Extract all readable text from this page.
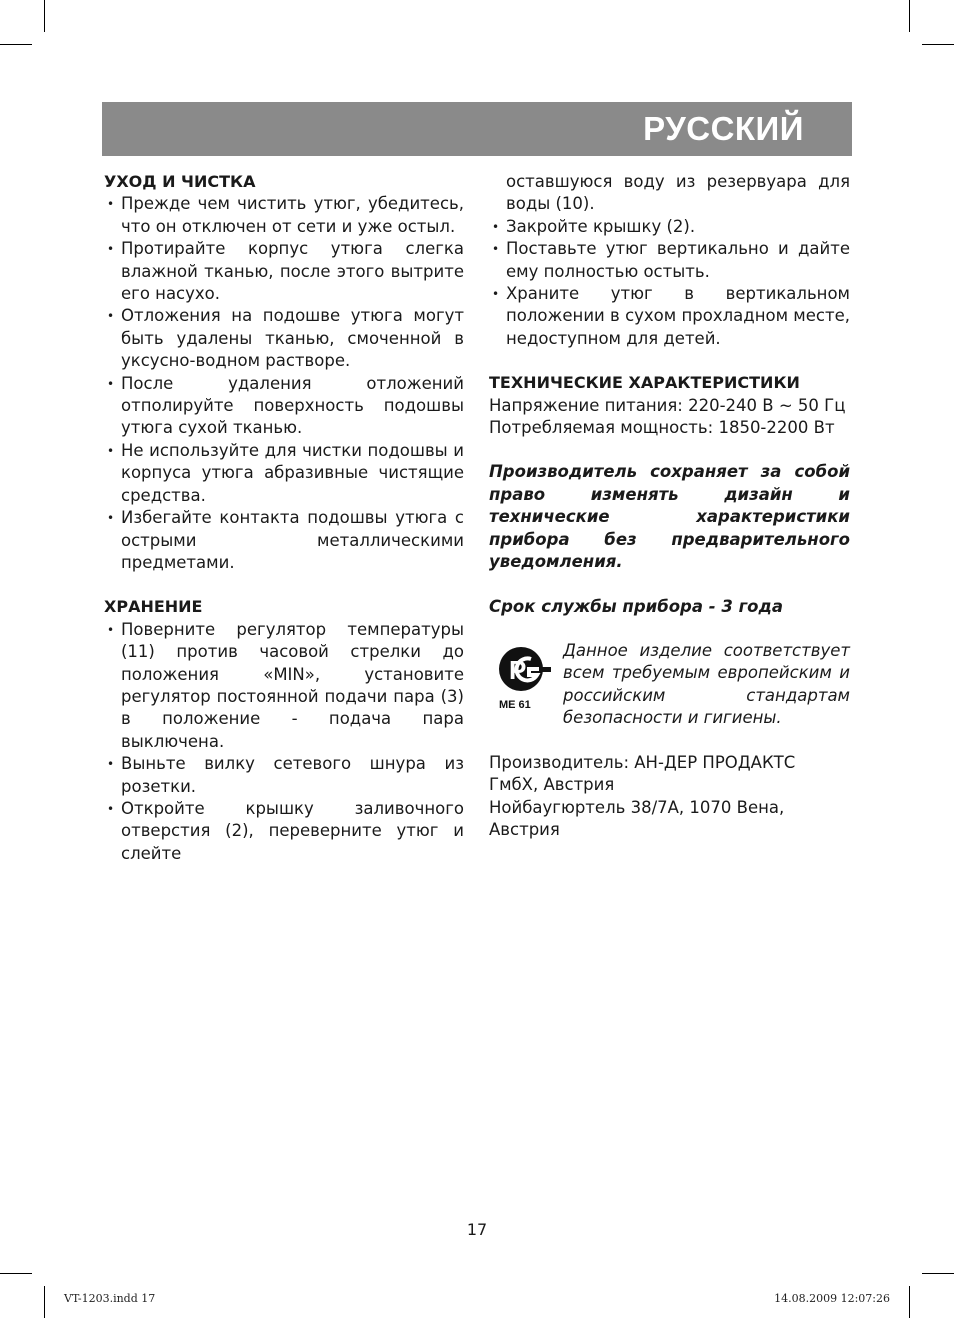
РУССКИЙ

УХОД И ЧИСТКА

• Прежде чем чистить утюг, убедитесь, что он отключен от сети и уже остыл.
• Протирайте корпус утюга слегка влажной тканью, после этого вытрите его насухо.
• Отложения на подошве утюга могут быть удалены тканью, смоченной в уксусно-водном растворе.
• После удаления отложений отполируйте поверхность подошвы утюга сухой тканью.
• Не используйте для чистки подошвы и корпуса утюга абразивные чистящие средства.
• Избегайте контакта подошвы утюга с острыми металлическими предметами.

ХРАНЕНИЕ

• Поверните регулятор температуры (11) против часовой стрелки до положения «MIN», установите регулятор постоянной подачи пара (3) в положение - подача пара выключена.
• Выньте вилку сетевого шнура из розетки.
• Откройте крышку заливочного отверстия (2), переверните утюг и слейте
оставшуюся воду из резервуара для воды (10).
• Закройте крышку (2).
• Поставьте утюг вертикально и дайте ему полностью остыть.
• Храните утюг в вертикальном положении в сухом прохладном месте, недоступном для детей.

ТЕХНИЧЕСКИЕ ХАРАКТЕРИСТИКИ

Напряжение питания: 220-240 В ~ 50 Гц

Потребляемая мощность: 1850-2200 Вт

Производитель сохраняет за собой право изменять дизайн и технические характеристики прибора без предварительного уведомления.

Срок службы прибора - 3 года

Р
МЕ 61
Данное изделие соответствует всем требуемым европейским и российским стандартам безопасности и гигиены.

Производитель: АН-ДЕР ПРОДАКТС

ГмбХ, Австрия

Нойбаугюртель 38/7А, 1070 Вена,

Австрия

17
VT-1203.indd 17	14.08.2009 12:07:26
